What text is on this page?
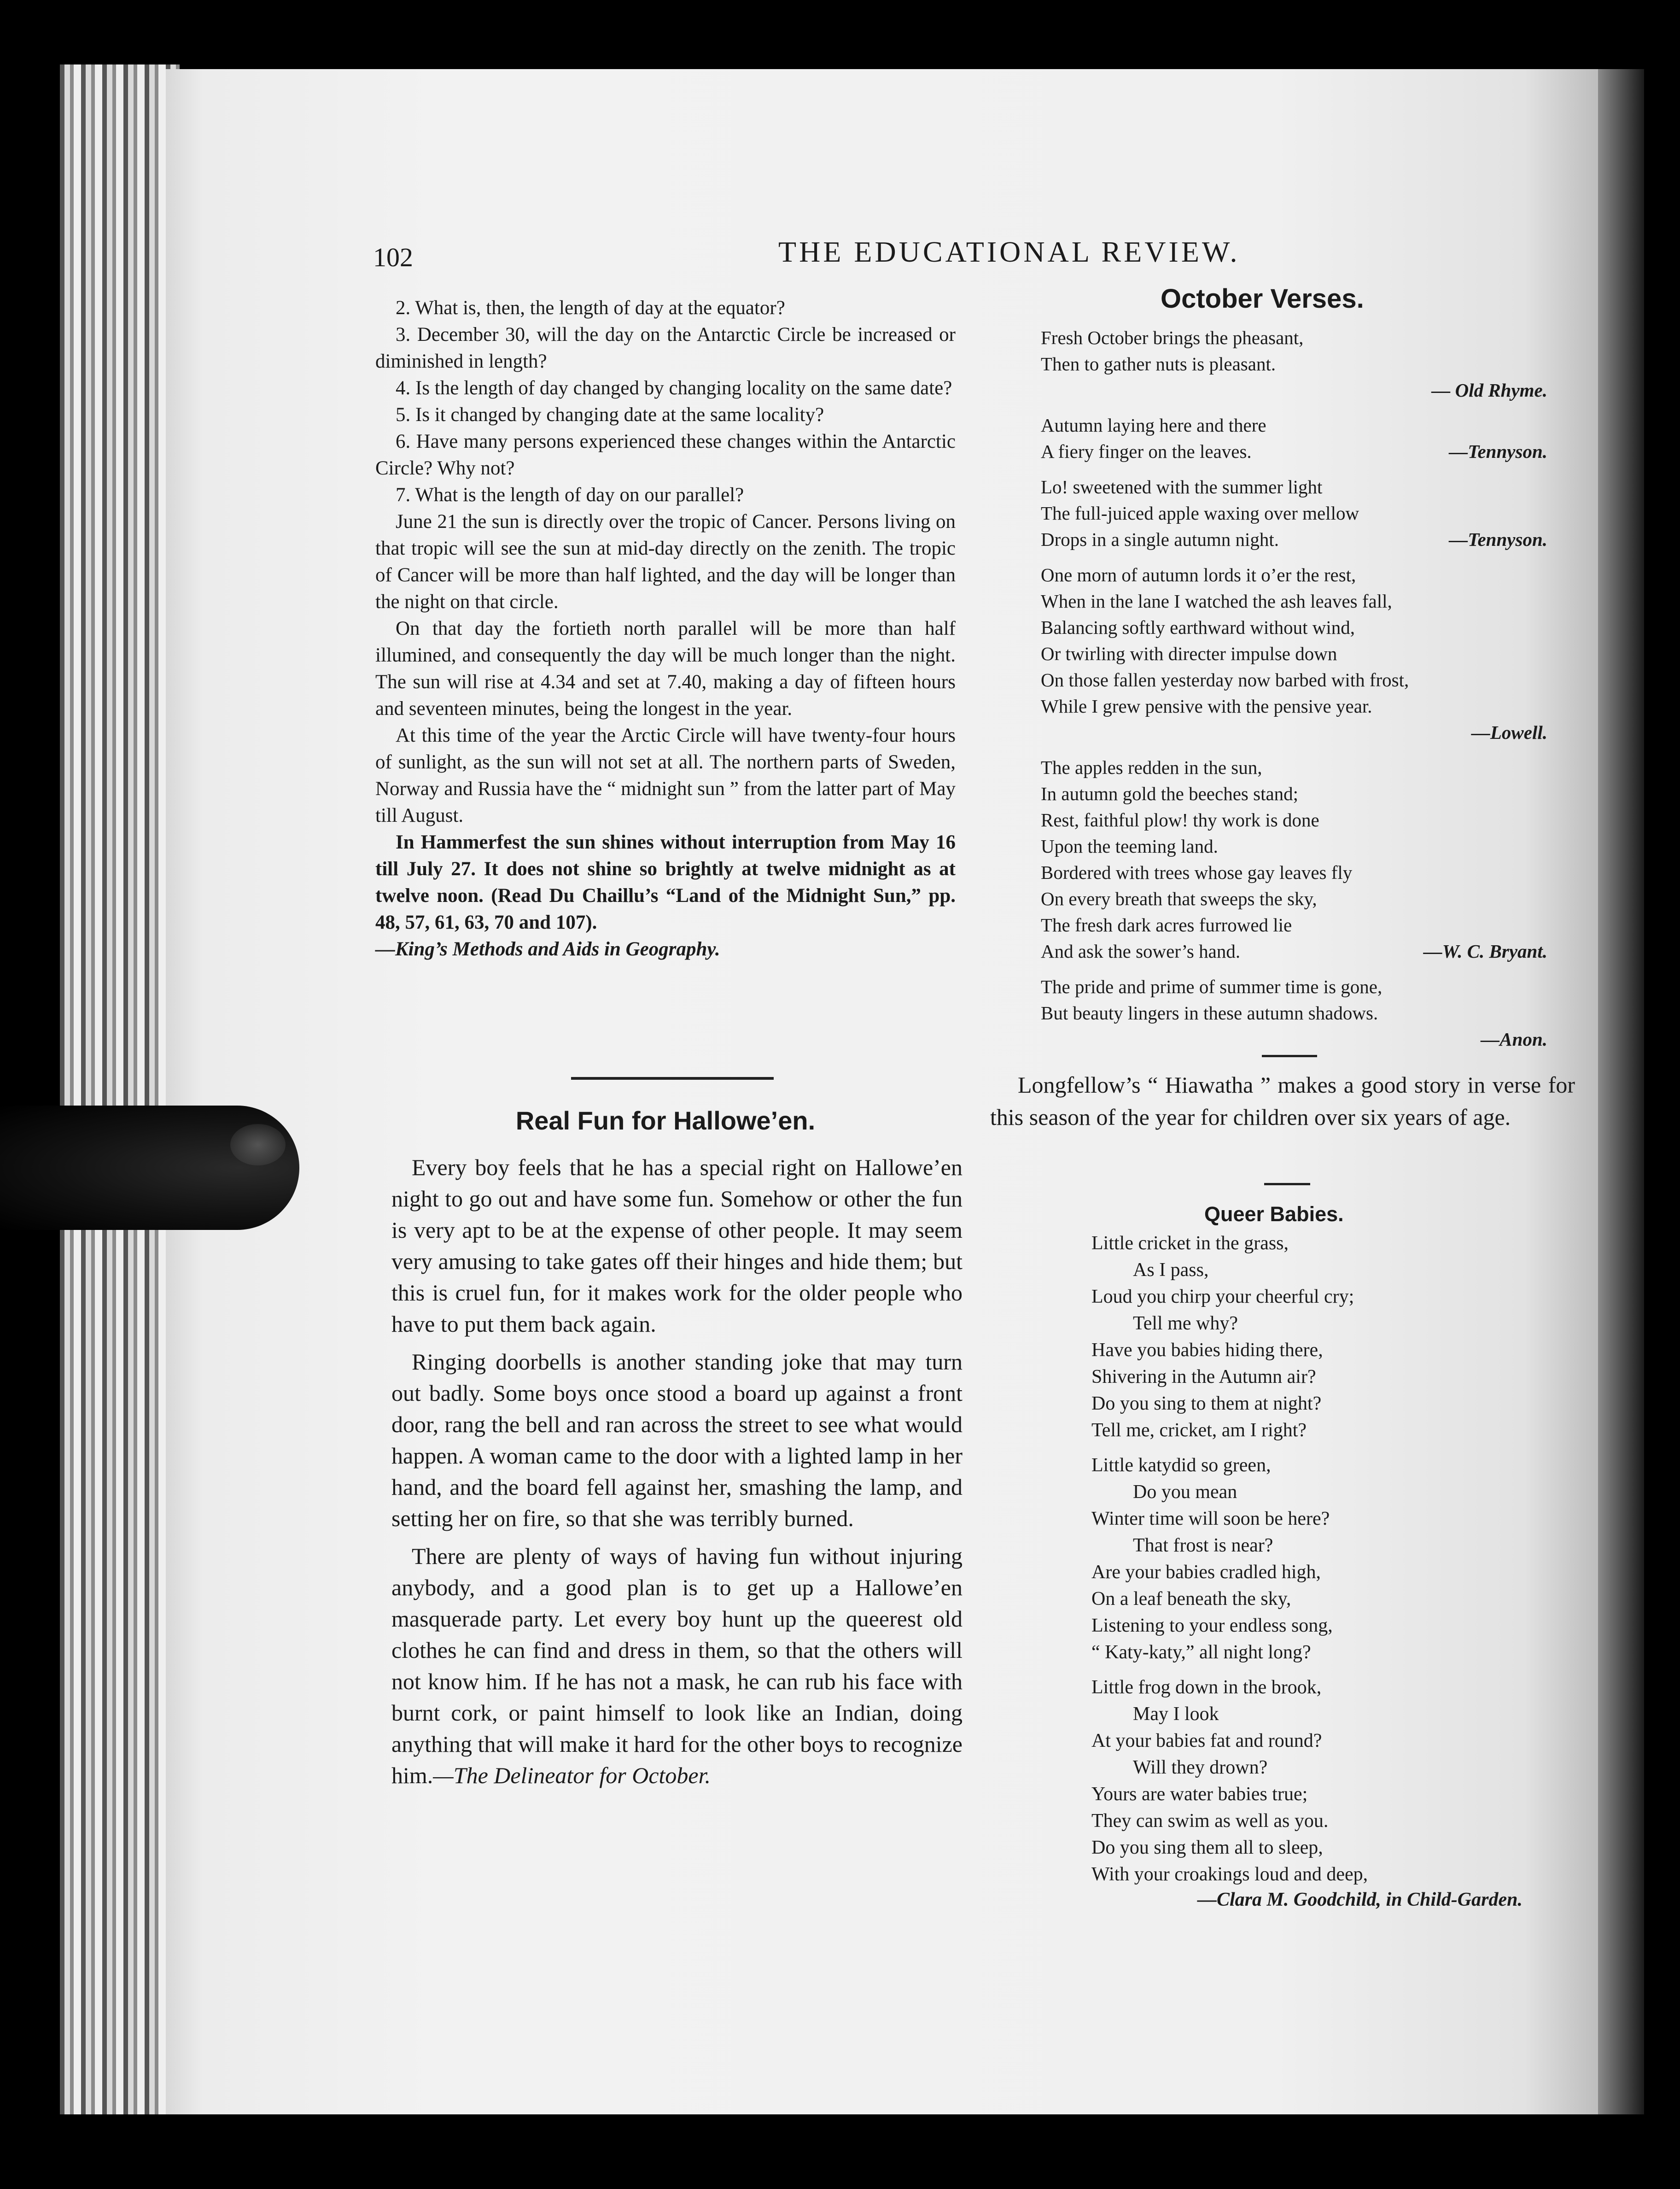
102	THE EDUCATIONAL REVIEW.

2. What is, then, the length of day at the equator?

3. December 30, will the day on the Antarctic Circle be increased or diminished in length?

4. Is the length of day changed by changing locality on the same date?

5. Is it changed by changing date at the same locality?

6. Have many persons experienced these changes within the Antarctic Circle? Why not?

7. What is the length of day on our parallel?

June 21 the sun is directly over the tropic of Cancer. Persons living on that tropic will see the sun at mid-day directly on the zenith. The tropic of Cancer will be more than half lighted, and the day will be longer than the night on that circle.

On that day the fortieth north parallel will be more than half illumined, and consequently the day will be much longer than the night. The sun will rise at 4.34 and set at 7.40, making a day of fifteen hours and seventeen minutes, being the longest in the year.

At this time of the year the Arctic Circle will have twenty-four hours of sunlight, as the sun will not set at all. The northern parts of Sweden, Norway and Russia have the “ midnight sun ” from the latter part of May till August.

In Hammerfest the sun shines without interruption from May 16 till July 27. It does not shine so brightly at twelve midnight as at twelve noon. (Read Du Chaillu’s “Land of the Midnight Sun,” pp. 48, 57, 61, 63, 70 and 107).

—King’s Methods and Aids in Geography.

Real Fun for Hallowe’en.

Every boy feels that he has a special right on Hallowe’en night to go out and have some fun. Somehow or other the fun is very apt to be at the expense of other people. It may seem very amusing to take gates off their hinges and hide them; but this is cruel fun, for it makes work for the older people who have to put them back again.

Ringing doorbells is another standing joke that may turn out badly. Some boys once stood a board up against a front door, rang the bell and ran across the street to see what would happen. A woman came to the door with a lighted lamp in her hand, and the board fell against her, smashing the lamp, and setting her on fire, so that she was terribly burned.

There are plenty of ways of having fun without injuring anybody, and a good plan is to get up a Hallowe’en masquerade party. Let every boy hunt up the queerest old clothes he can find and dress in them, so that the others will not know him. If he has not a mask, he can rub his face with burnt cork, or paint himself to look like an Indian, doing anything that will make it hard for the other boys to recognize him.—The Delineator for October.

October Verses.
Fresh October brings the pheasant,
Then to gather nuts is pleasant.
— Old Rhyme.
Autumn laying here and there
A fiery finger on the leaves.	—Tennyson.
Lo! sweetened with the summer light
The full-juiced apple waxing over mellow
Drops in a single autumn night.	—Tennyson.
One morn of autumn lords it o’er the rest,
When in the lane I watched the ash leaves fall,
Balancing softly earthward without wind,
Or twirling with directer impulse down
On those fallen yesterday now barbed with frost,
While I grew pensive with the pensive year.
—Lowell.
The apples redden in the sun,
In autumn gold the beeches stand;
Rest, faithful plow! thy work is done
Upon the teeming land.
Bordered with trees whose gay leaves fly
On every breath that sweeps the sky,
The fresh dark acres furrowed lie
And ask the sower’s hand.	—W. C. Bryant.
The pride and prime of summer time is gone,
But beauty lingers in these autumn shadows.
—Anon.
Longfellow’s “ Hiawatha ” makes a good story in verse for this season of the year for children over six years of age.
Queer Babies.
Little cricket in the grass,
As I pass,
Loud you chirp your cheerful cry;
Tell me why?
Have you babies hiding there,
Shivering in the Autumn air?
Do you sing to them at night?
Tell me, cricket, am I right?
Little katydid so green,
Do you mean
Winter time will soon be here?
That frost is near?
Are your babies cradled high,
On a leaf beneath the sky,
Listening to your endless song,
“ Katy-katy,” all night long?
Little frog down in the brook,
May I look
At your babies fat and round?
Will they drown?
Yours are water babies true;
They can swim as well as you.
Do you sing them all to sleep,
With your croakings loud and deep,
—Clara M. Goodchild, in Child-Garden.
